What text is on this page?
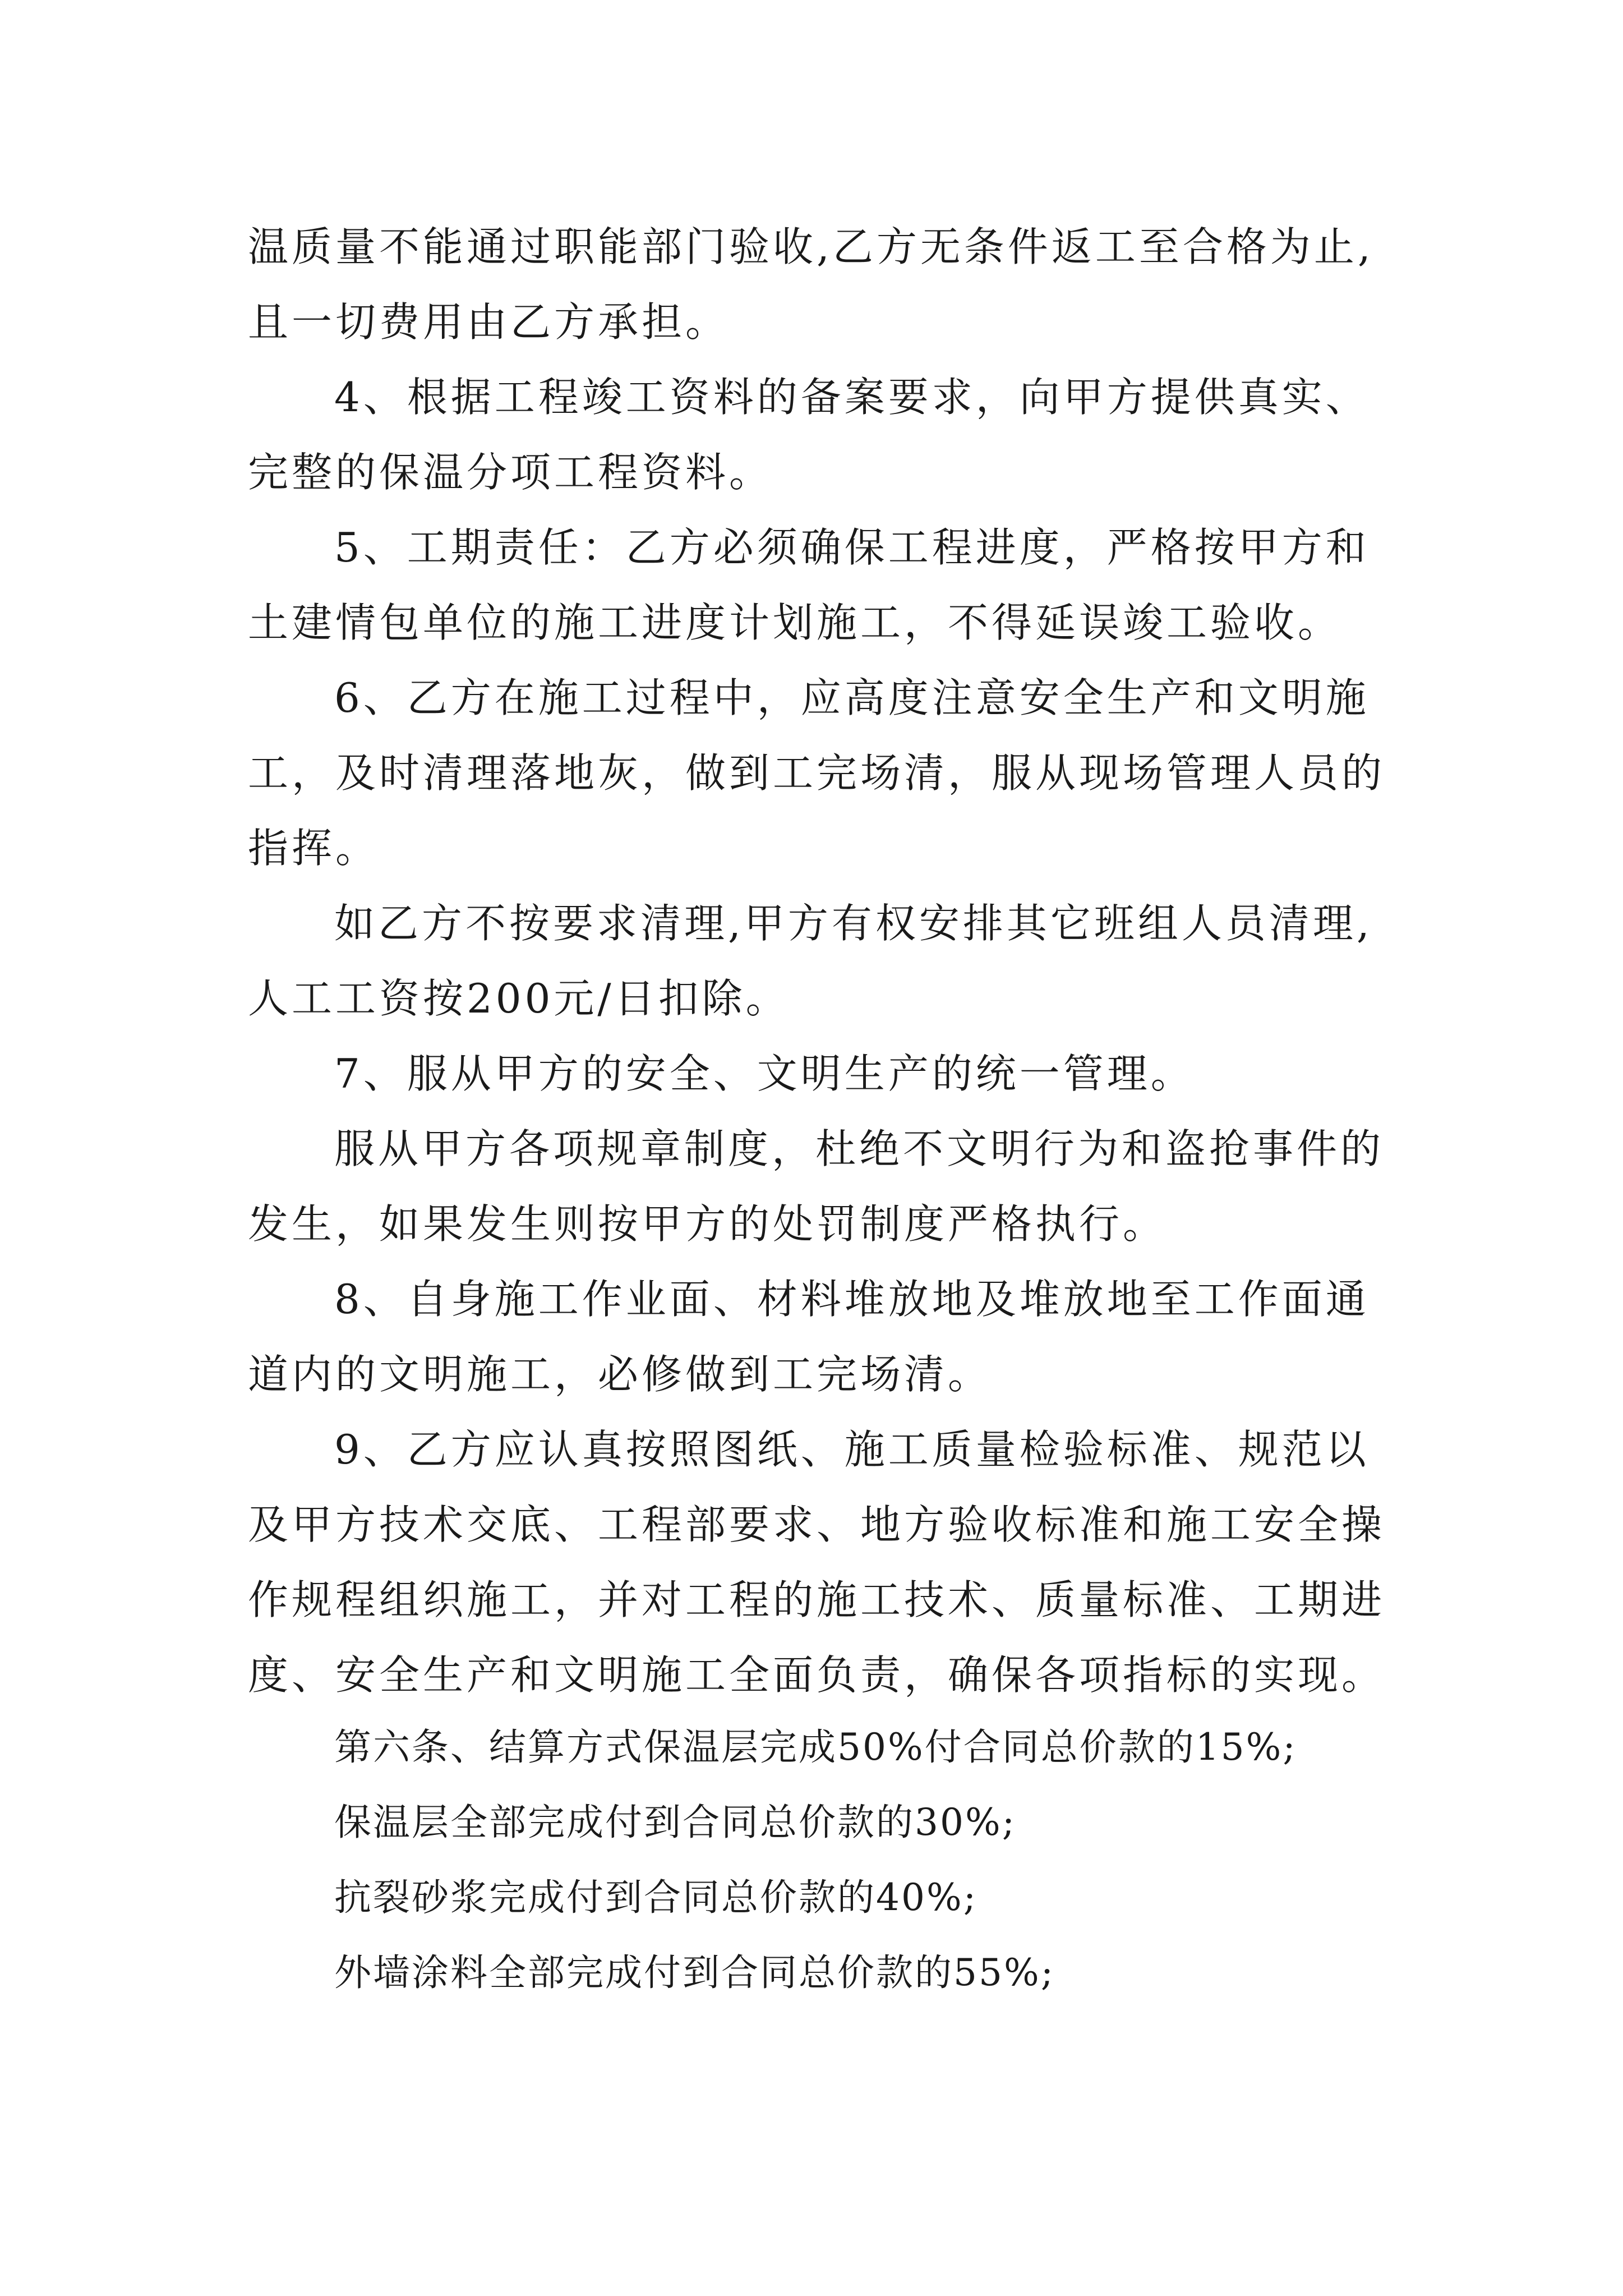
温质量不能通过职能部门验收,乙方无条件返工至合格为止,
且一切费用由乙方承担。
4、根据工程竣工资料的备案要求，向甲方提供真实、
完整的保温分项工程资料。
5、工期责任：乙方必须确保工程进度，严格按甲方和
土建情包单位的施工进度计划施工，不得延误竣工验收。
6、乙方在施工过程中，应高度注意安全生产和文明施
工，及时清理落地灰，做到工完场清，服从现场管理人员的
指挥。
如乙方不按要求清理,甲方有权安排其它班组人员清理,
人工工资按200元/日扣除。
7、服从甲方的安全、文明生产的统一管理。
服从甲方各项规章制度，杜绝不文明行为和盗抢事件的
发生，如果发生则按甲方的处罚制度严格执行。
8、自身施工作业面、材料堆放地及堆放地至工作面通
道内的文明施工，必修做到工完场清。
9、乙方应认真按照图纸、施工质量检验标准、规范以
及甲方技术交底、工程部要求、地方验收标准和施工安全操
作规程组织施工，并对工程的施工技术、质量标准、工期进
度、安全生产和文明施工全面负责，确保各项指标的实现。
第六条、结算方式保温层完成50%付合同总价款的15%;
保温层全部完成付到合同总价款的30%;
抗裂砂浆完成付到合同总价款的40%;
外墙涂料全部完成付到合同总价款的55%;
